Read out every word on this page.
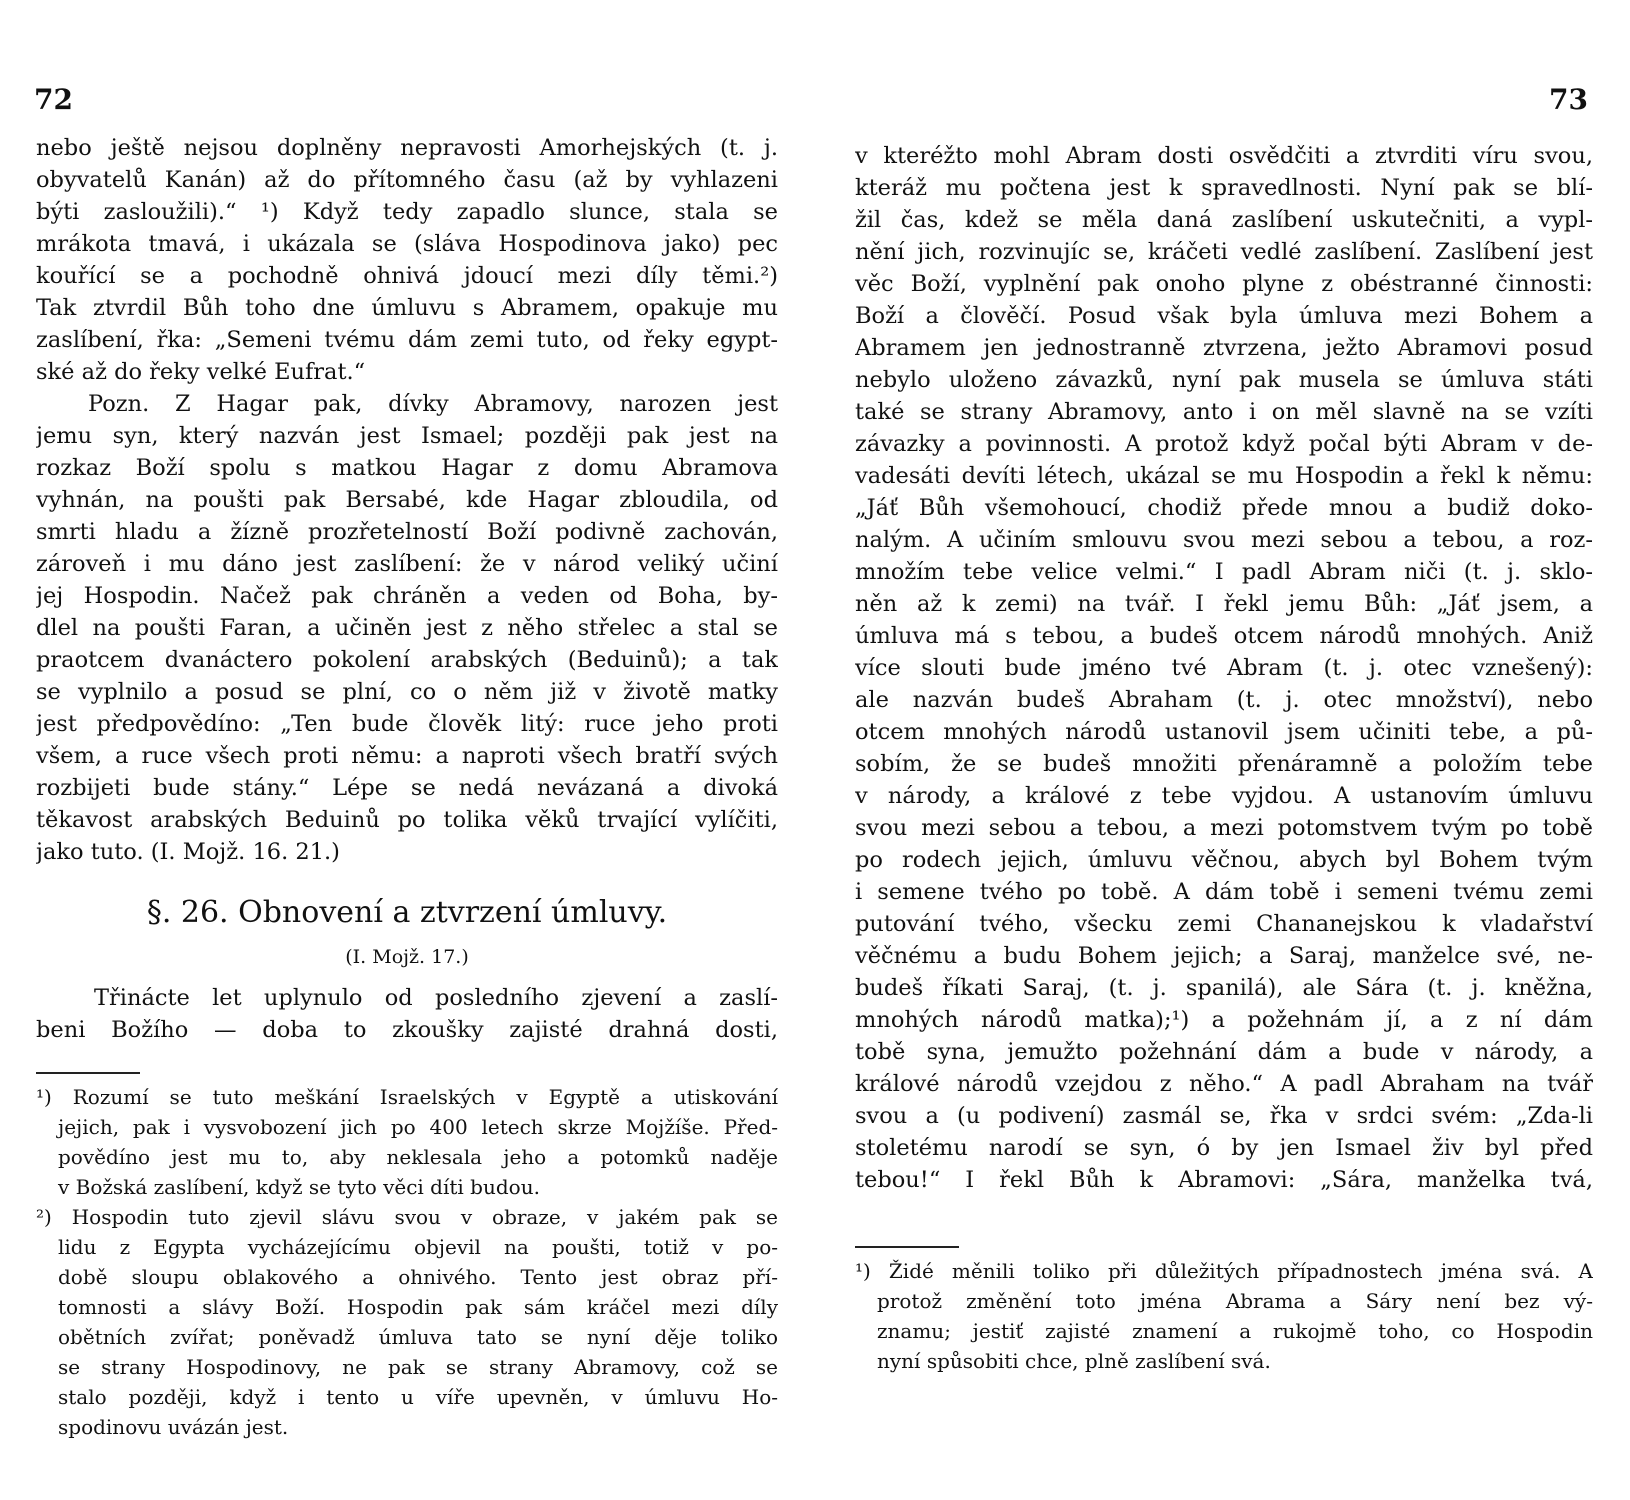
72
nebo ještě nejsou doplněny nepravosti Amorhejských (t. j.
obyvatelů Kanán) až do přítomného času (až by vyhlazeni
býti zasloužili).“ ¹) Když tedy zapadlo slunce, stala se
mrákota tmavá, i ukázala se (sláva Hospodinova jako) pec
kouřící se a pochodně ohnivá jdoucí mezi díly těmi.²)
Tak ztvrdil Bůh toho dne úmluvu s Abramem, opakuje mu
zaslíbení, řka: „Semeni tvému dám zemi tuto, od řeky egypt-
ské až do řeky velké Eufrat.“
Pozn. Z Hagar pak, dívky Abramovy, narozen jest
jemu syn, který nazván jest Ismael; později pak jest na
rozkaz Boží spolu s matkou Hagar z domu Abramova
vyhnán, na poušti pak Bersabé, kde Hagar zbloudila, od
smrti hladu a žízně prozřetelností Boží podivně zachován,
zároveň i mu dáno jest zaslíbení: že v národ veliký učiní
jej Hospodin. Načež pak chráněn a veden od Boha, by-
dlel na poušti Faran, a učiněn jest z něho střelec a stal se
praotcem dvanáctero pokolení arabských (Beduinů); a tak
se vyplnilo a posud se plní, co o něm již v životě matky
jest předpovědíno: „Ten bude člověk litý: ruce jeho proti
všem, a ruce všech proti němu: a naproti všech bratří svých
rozbijeti bude stány.“ Lépe se nedá nevázaná a divoká
těkavost arabských Beduinů po tolika věků trvající vylíčiti,
jako tuto. (I. Mojž. 16. 21.)
§. 26. Obnovení a ztvrzení úmluvy.
(I. Mojž. 17.)
Třinácte let uplynulo od posledního zjevení a zaslí-
beni Božího — doba to zkoušky zajisté drahná dosti,
¹) Rozumí se tuto meškání Israelských v Egyptě a utiskování
jejich, pak i vysvobození jich po 400 letech skrze Mojžíše. Před-
povědíno jest mu to, aby neklesala jeho a potomků naděje
v Božská zaslíbení, když se tyto věci díti budou.
²) Hospodin tuto zjevil slávu svou v obraze, v jakém pak se
lidu z Egypta vycházejícímu objevil na poušti, totiž v po-
době sloupu oblakového a ohnivého. Tento jest obraz pří-
tomnosti a slávy Boží. Hospodin pak sám kráčel mezi díly
obětních zvířat; poněvadž úmluva tato se nyní děje toliko
se strany Hospodinovy, ne pak se strany Abramovy, což se
stalo později, když i tento u víře upevněn, v úmluvu Ho-
spodinovu uvázán jest.
73
v kteréžto mohl Abram dosti osvědčiti a ztvrditi víru svou,
kteráž mu počtena jest k spravedlnosti. Nyní pak se blí-
žil čas, kdež se měla daná zaslíbení uskutečniti, a vypl-
nění jich, rozvinujíc se, kráčeti vedlé zaslíbení. Zaslíbení jest
věc Boží, vyplnění pak onoho plyne z obéstranné činnosti:
Boží a člověčí. Posud však byla úmluva mezi Bohem a
Abramem jen jednostranně ztvrzena, ježto Abramovi posud
nebylo uloženo závazků, nyní pak musela se úmluva státi
také se strany Abramovy, anto i on měl slavně na se vzíti
závazky a povinnosti. A protož když počal býti Abram v de-
vadesáti devíti létech, ukázal se mu Hospodin a řekl k němu:
„Jáť Bůh všemohoucí, chodiž přede mnou a budiž doko-
nalým. A učiním smlouvu svou mezi sebou a tebou, a roz-
množím tebe velice velmi.“ I padl Abram niči (t. j. sklo-
něn až k zemi) na tvář. I řekl jemu Bůh: „Jáť jsem, a
úmluva má s tebou, a budeš otcem národů mnohých. Aniž
více slouti bude jméno tvé Abram (t. j. otec vznešený):
ale nazván budeš Abraham (t. j. otec množství), nebo
otcem mnohých národů ustanovil jsem učiniti tebe, a pů-
sobím, že se budeš množiti přenáramně a položím tebe
v národy, a králové z tebe vyjdou. A ustanovím úmluvu
svou mezi sebou a tebou, a mezi potomstvem tvým po tobě
po rodech jejich, úmluvu věčnou, abych byl Bohem tvým
i semene tvého po tobě. A dám tobě i semeni tvému zemi
putování tvého, všecku zemi Chananejskou k vladařství
věčnému a budu Bohem jejich; a Saraj, manželce své, ne-
budeš říkati Saraj, (t. j. spanilá), ale Sára (t. j. kněžna,
mnohých národů matka);¹) a požehnám jí, a z ní dám
tobě syna, jemužto požehnání dám a bude v národy, a
králové národů vzejdou z něho.“ A padl Abraham na tvář
svou a (u podivení) zasmál se, řka v srdci svém: „Zda-li
stoletému narodí se syn, ó by jen Ismael živ byl před
tebou!“ I řekl Bůh k Abramovi: „Sára, manželka tvá,
¹) Židé měnili toliko při důležitých případnostech jména svá. A
protož změnění toto jména Abrama a Sáry není bez vý-
znamu; jestiť zajisté znamení a rukojmě toho, co Hospodin
nyní spůsobiti chce, plně zaslíbení svá.
